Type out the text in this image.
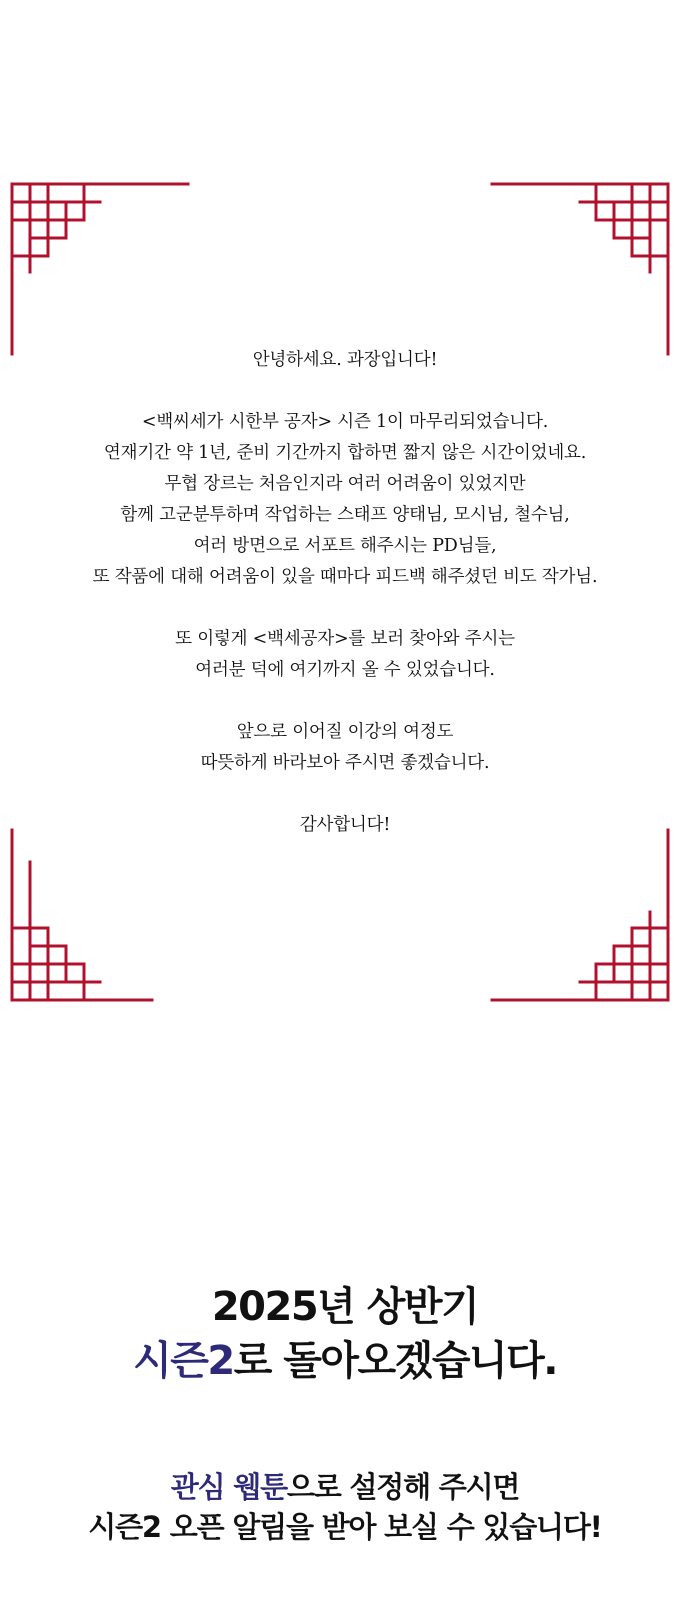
안녕하세요. 과장입니다!

<백씨세가 시한부 공자> 시즌 1이 마무리되었습니다.

연재기간 약 1년, 준비 기간까지 합하면 짧지 않은 시간이었네요.

무협 장르는 처음인지라 여러 어려움이 있었지만

함께 고군분투하며 작업하는 스태프 양태님, 모시님, 철수님,

여러 방면으로 서포트 해주시는 PD님들,

또 작품에 대해 어려움이 있을 때마다 피드백 해주셨던 비도 작가님.

또 이렇게 <백세공자>를 보러 찾아와 주시는

여러분 덕에 여기까지 올 수 있었습니다.

앞으로 이어질 이강의 여정도

따뜻하게 바라보아 주시면 좋겠습니다.

감사합니다!

2025년 상반기

시즌2로 돌아오겠습니다.

관심 웹툰으로 설정해 주시면

시즌2 오픈 알림을 받아 보실 수 있습니다!
